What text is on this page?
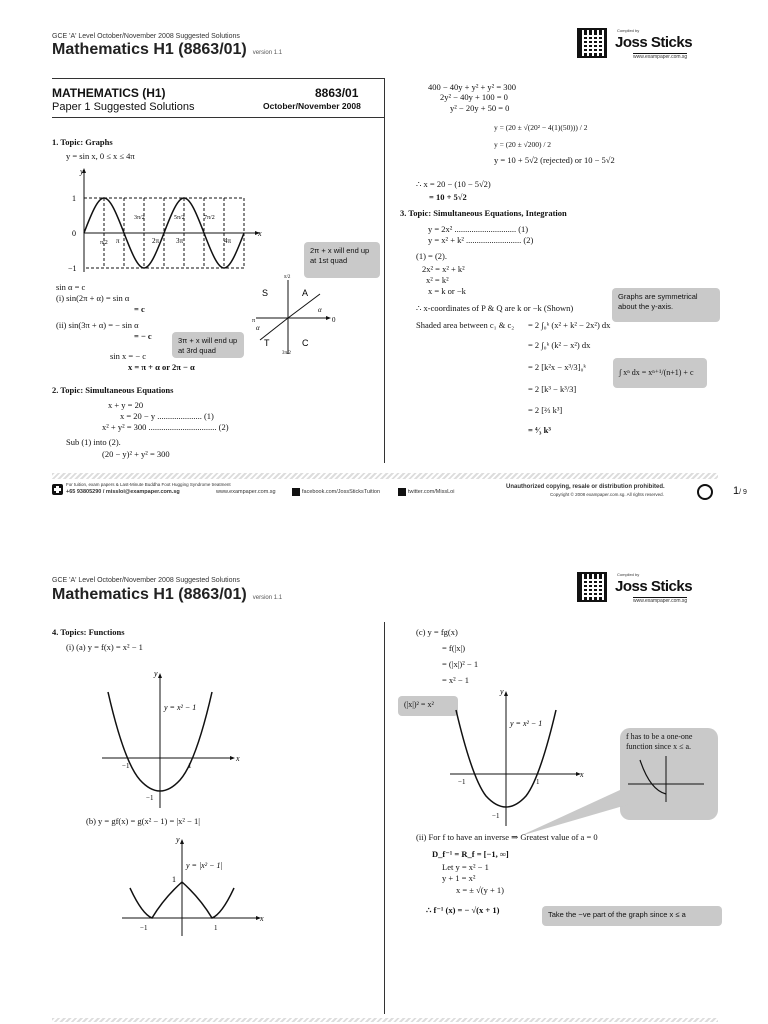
GCE 'A' Level October/November 2008 Suggested Solutions
Mathematics H1 (8863/01) version 1.1
Compiled by
Joss Sticks
www.exampaper.com.sg
MATHEMATICS (H1)	8863/01
Paper 1 Suggested Solutions	October/November 2008
1. Topic: Graphs
y = sin x, 0 ≤ x ≤ 4π
y
x
1
0
−1
π/2 π
3π/2
2π
5π/2
3π
7π/2
4π
2π + x will end up at 1st quad
sin α = c
(i) sin(2π + α) = sin α
= c
(ii) sin(3π + α) = − sin α
= − c	3π + x will end up at 3rd quad
sin x = − c
x = π + α or 2π − α
π/2
π	0
3π/2
S	A
T	C
α
α
2. Topic: Simultaneous Equations
x + y = 20
x = 20 − y ..................... (1)
x² + y² = 300 ................................ (2)
Sub (1) into (2).
(20 − y)² + y² = 300
400 − 40y + y² + y² = 300
2y² − 40y + 100 = 0
y² − 20y + 50 = 0
y = (20 ± √(20² − 4(1)(50))) / 2
y = (20 ± √200) / 2
y = 10 + 5√2 (rejected) or 10 − 5√2
∴ x = 20 − (10 − 5√2)
= 10 + 5√2
3. Topic: Simultaneous Equations, Integration
y = 2x² ............................. (1)
y = x² + k² .......................... (2)
(1) = (2).
2x² = x² + k²
x² = k²
x = k or −k
∴ x-coordinates of P & Q are k or −k (Shown)
Graphs are symmetrical about the y-axis.
Shaded area between c₁ & c₂ = 2 ∫₀ᵏ (x² + k² − 2x²) dx
= 2 ∫₀ᵏ (k² − x²) dx
= 2 [k²x − x³/3]₀ᵏ
∫ xⁿ dx = xⁿ⁺¹/(n+1) + c
= 2 [k³ − k³/3]
= 2 [⅔ k³]
= ⁴⁄₃ k³
For tuition, exam papers & Last-Minute Buddha Foot Hugging Syndrome treatment
+65 93805290 / missloi@exampaper.com.sg	www.exampaper.com.sg	facebook.com/JossSticksTuition	twitter.com/MissLoi
Unauthorized copying, resale or distribution prohibited.
Copyright © 2008 exampaper.com.sg. All rights reserved.	1/ 9
GCE 'A' Level October/November 2008 Suggested Solutions
Mathematics H1 (8863/01) version 1.1
Compiled by
Joss Sticks
www.exampaper.com.sg
4. Topics: Functions
(i) (a) y = f(x) = x² − 1
y
x
y = x² − 1
−1	1
−1
(b) y = gf(x) = g(x² − 1) = |x² − 1|
y
x
y = |x² − 1|
1
−1	1
(c) y = fg(x)
= f(|x|)
= (|x|)² − 1
= x² − 1
(|x|)² = x²
y
x
y = x² − 1
−1	1
−1
f has to be a one-one function since x ≤ a.
(ii) For f to have an inverse ⇒ Greatest value of a = 0
D_f⁻¹ = R_f = [−1, ∞]
Let y = x² − 1
y + 1 = x²
x = ± √(y + 1)
∴ f⁻¹ (x) = − √(x + 1)	Take the −ve part of the graph since x ≤ a
